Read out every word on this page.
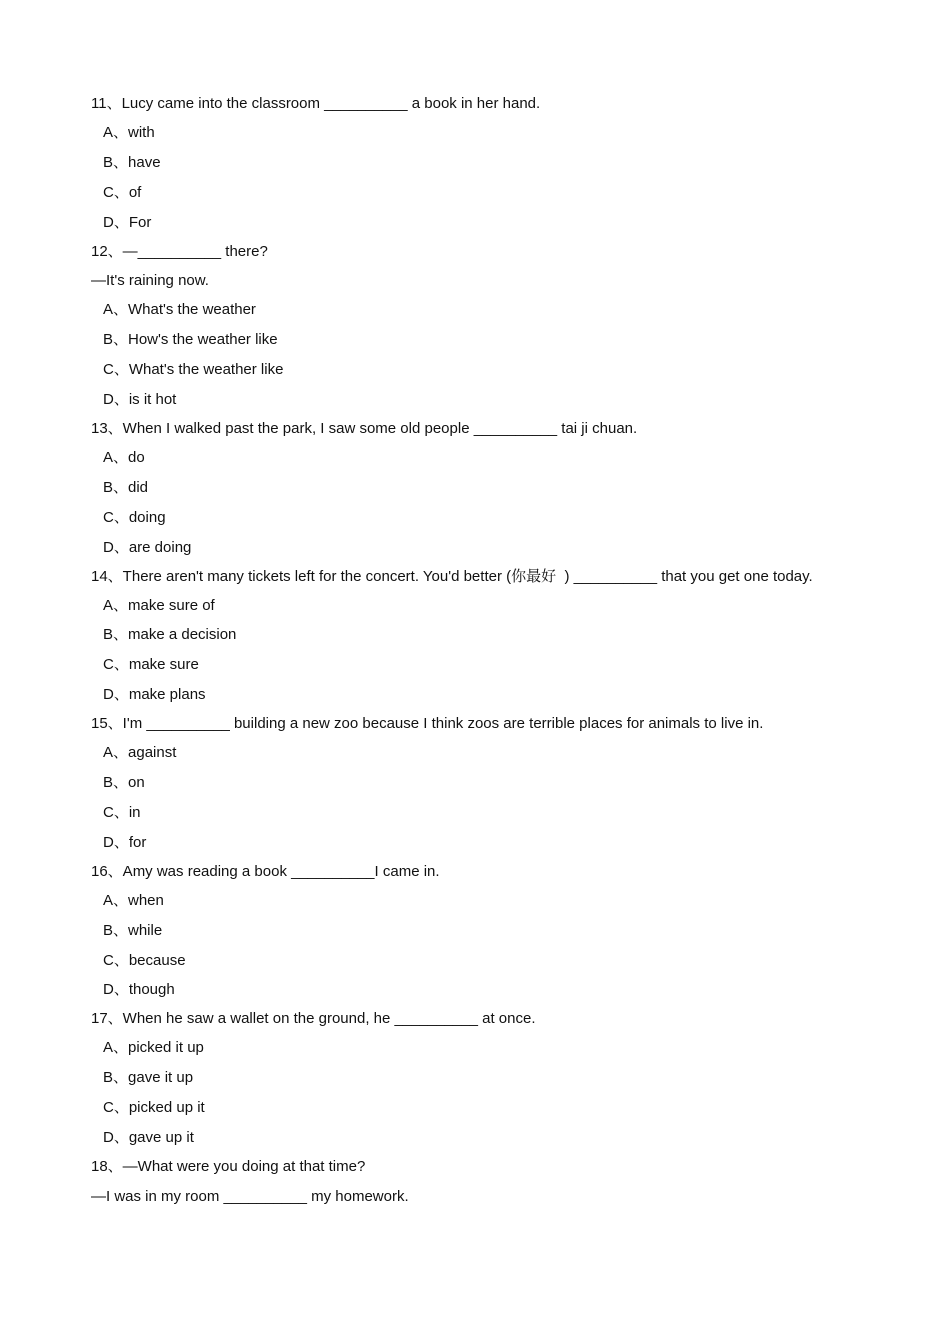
11、Lucy came into the classroom __________ a book in her hand.
A、with
B、have
C、of
D、For
12、—__________ there?
—It's raining now.
A、What's the weather
B、How's the weather like
C、What's the weather like
D、is it hot
13、When I walked past the park, I saw some old people __________ tai ji chuan.
A、do
B、did
C、doing
D、are doing
14、There aren't many tickets left for the concert. You'd better (你最好  ) __________ that you get one today.
A、make sure of
B、make a decision
C、make sure
D、make plans
15、I'm __________ building a new zoo because I think zoos are terrible places for animals to live in.
A、against
B、on
C、in
D、for
16、Amy was reading a book __________I came in.
A、when
B、while
C、because
D、though
17、When he saw a wallet on the ground, he __________ at once.
A、picked it up
B、gave it up
C、picked up it
D、gave up it
18、—What were you doing at that time?
—I was in my room __________ my homework.
